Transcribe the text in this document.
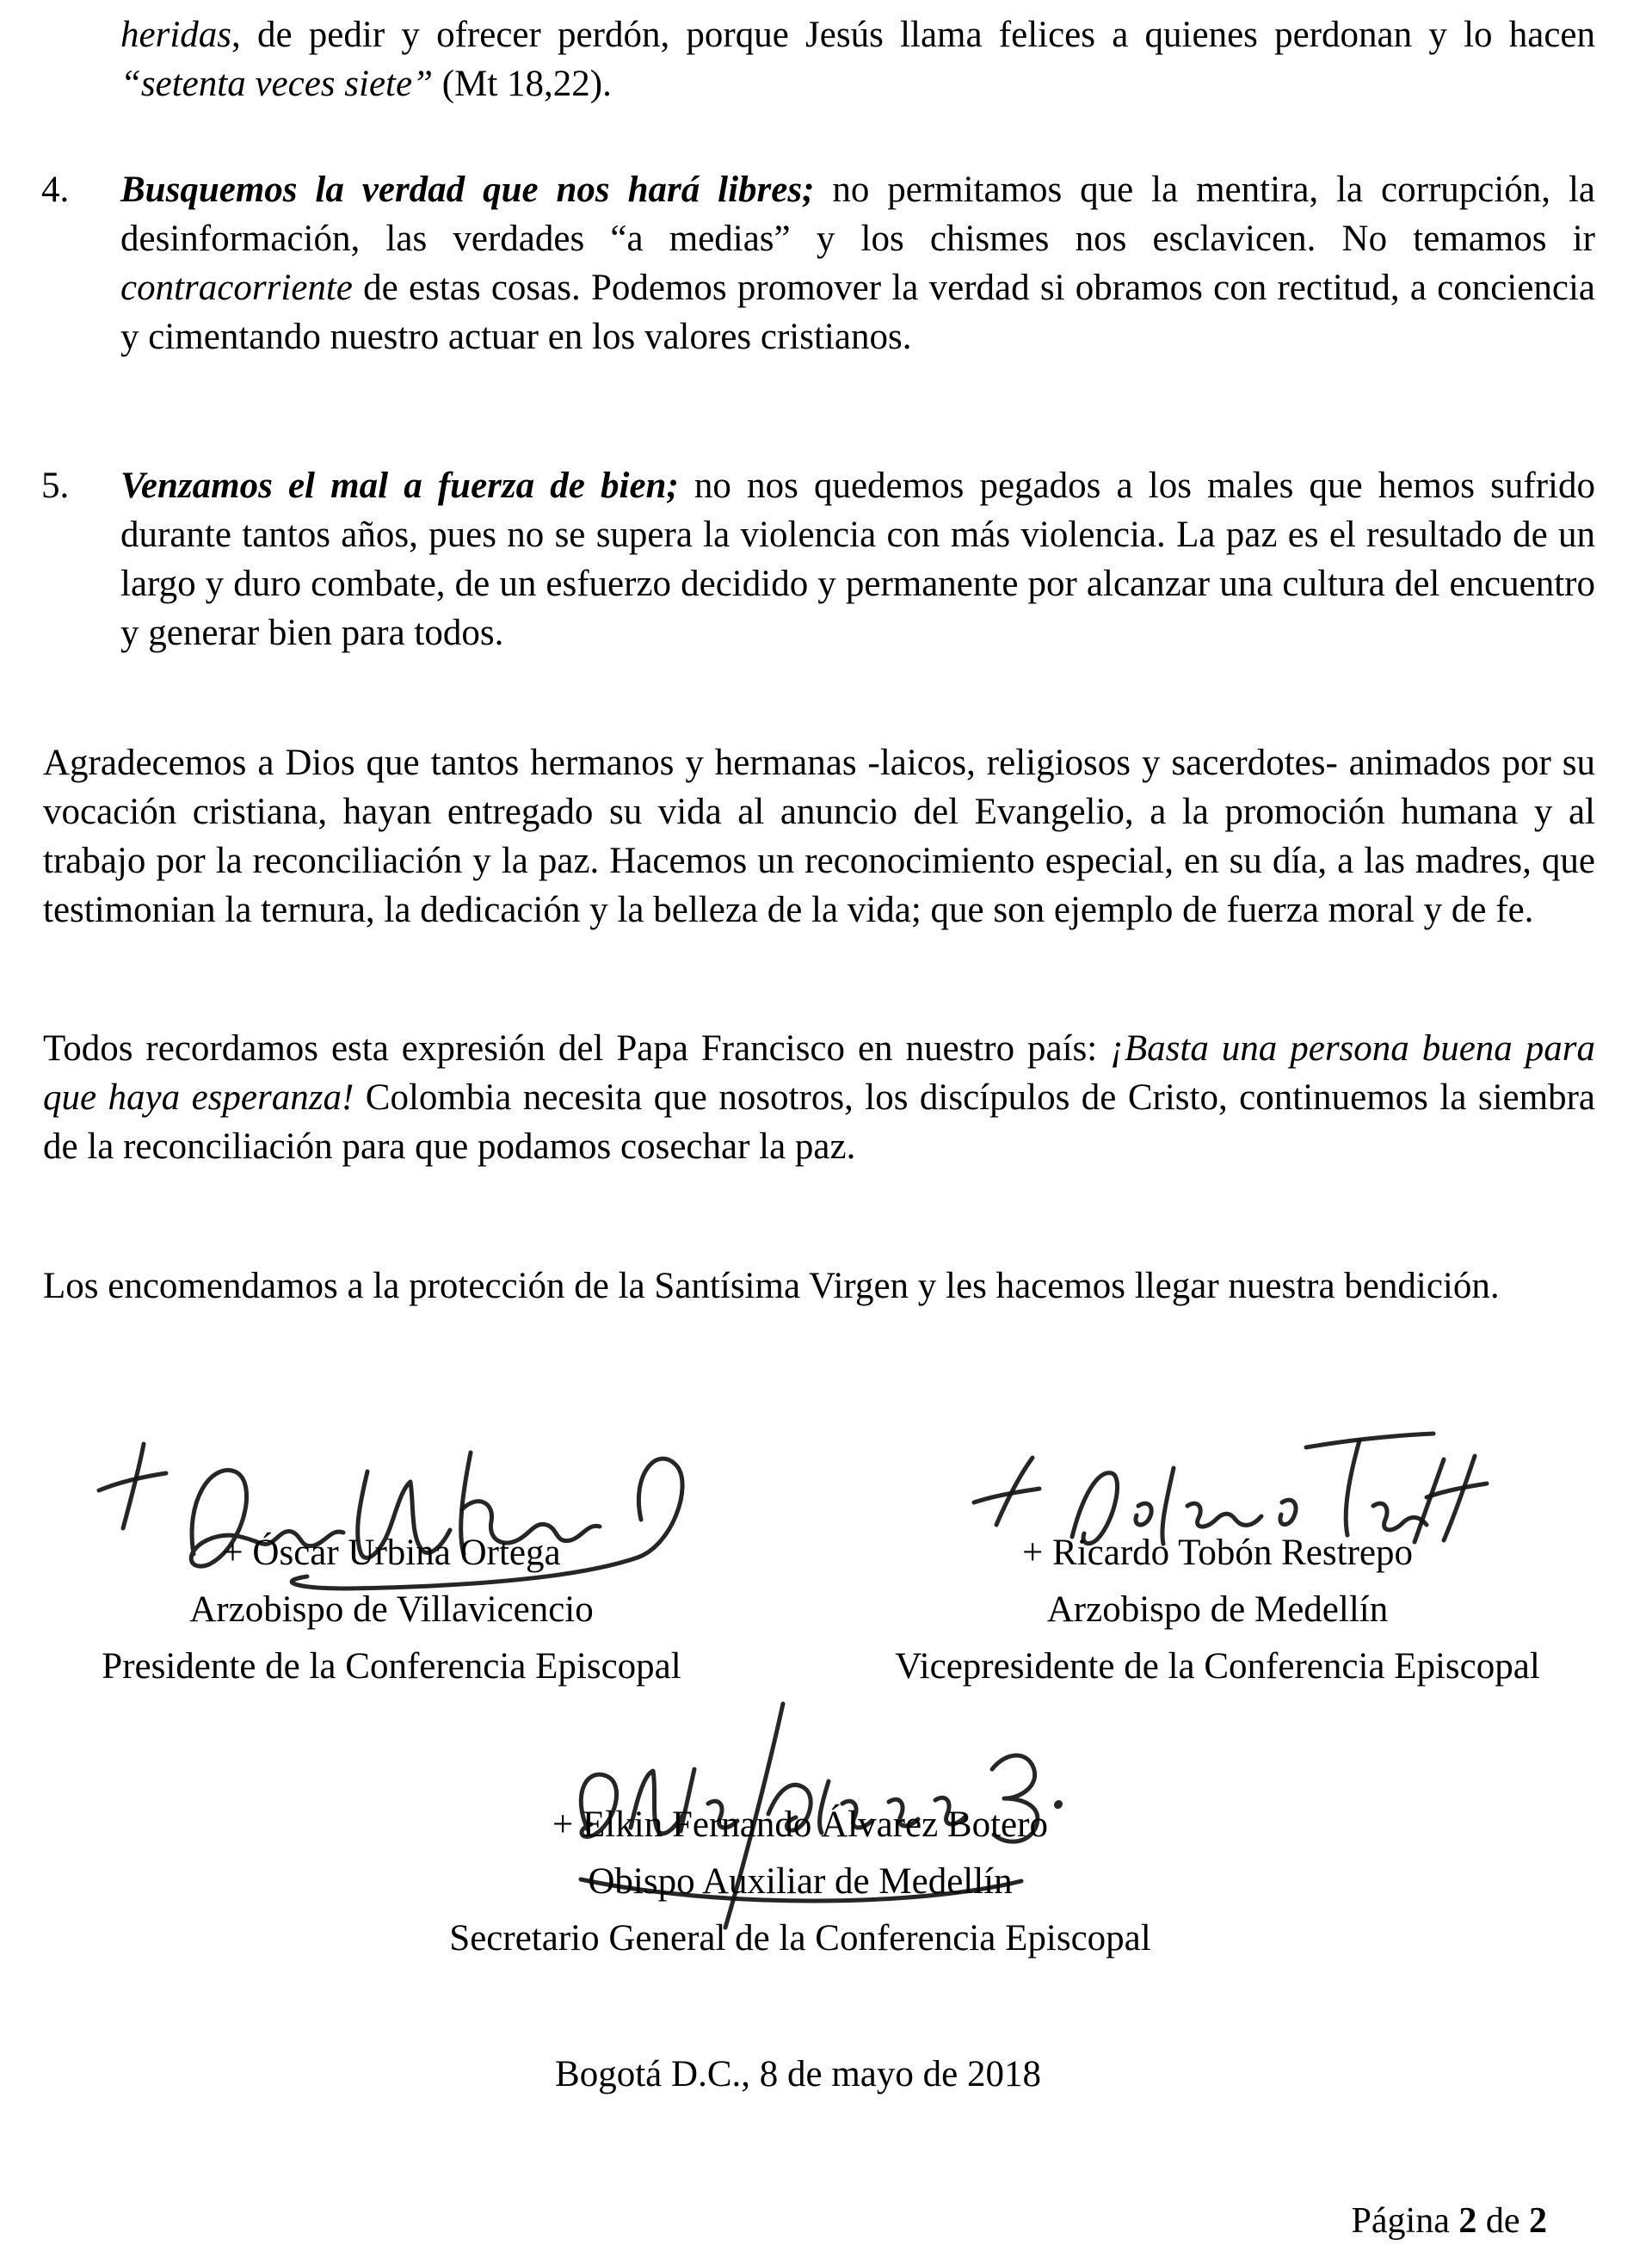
heridas, de pedir y ofrecer perdón, porque Jesús llama felices a quienes perdonan y lo hacen “setenta veces siete” (Mt 18,22).

4. Busquemos la verdad que nos hará libres; no permitamos que la mentira, la corrupción, la desinformación, las verdades “a medias” y los chismes nos esclavicen. No temamos ir contracorriente de estas cosas. Podemos promover la verdad si obramos con rectitud, a conciencia y cimentando nuestro actuar en los valores cristianos.

5. Venzamos el mal a fuerza de bien; no nos quedemos pegados a los males que hemos sufrido durante tantos años, pues no se supera la violencia con más violencia. La paz es el resultado de un largo y duro combate, de un esfuerzo decidido y permanente por alcanzar una cultura del encuentro y generar bien para todos.

Agradecemos a Dios que tantos hermanos y hermanas -laicos, religiosos y sacerdotes- animados por su vocación cristiana, hayan entregado su vida al anuncio del Evangelio, a la promoción humana y al trabajo por la reconciliación y la paz. Hacemos un reconocimiento especial, en su día, a las madres, que testimonian la ternura, la dedicación y la belleza de la vida; que son ejemplo de fuerza moral y de fe.

Todos recordamos esta expresión del Papa Francisco en nuestro país: ¡Basta una persona buena para que haya esperanza! Colombia necesita que nosotros, los discípulos de Cristo, continuemos la siembra de la reconciliación para que podamos cosechar la paz.

Los encomendamos a la protección de la Santísima Virgen y les hacemos llegar nuestra bendición.

+ Óscar Urbina Ortega
Arzobispo de Villavicencio
Presidente de la Conferencia Episcopal
+ Ricardo Tobón Restrepo
Arzobispo de Medellín
Vicepresidente de la Conferencia Episcopal
+ Elkin Fernando Álvarez Botero
Obispo Auxiliar de Medellín
Secretario General de la Conferencia Episcopal
Bogotá D.C., 8 de mayo de 2018
Página 2 de 2
